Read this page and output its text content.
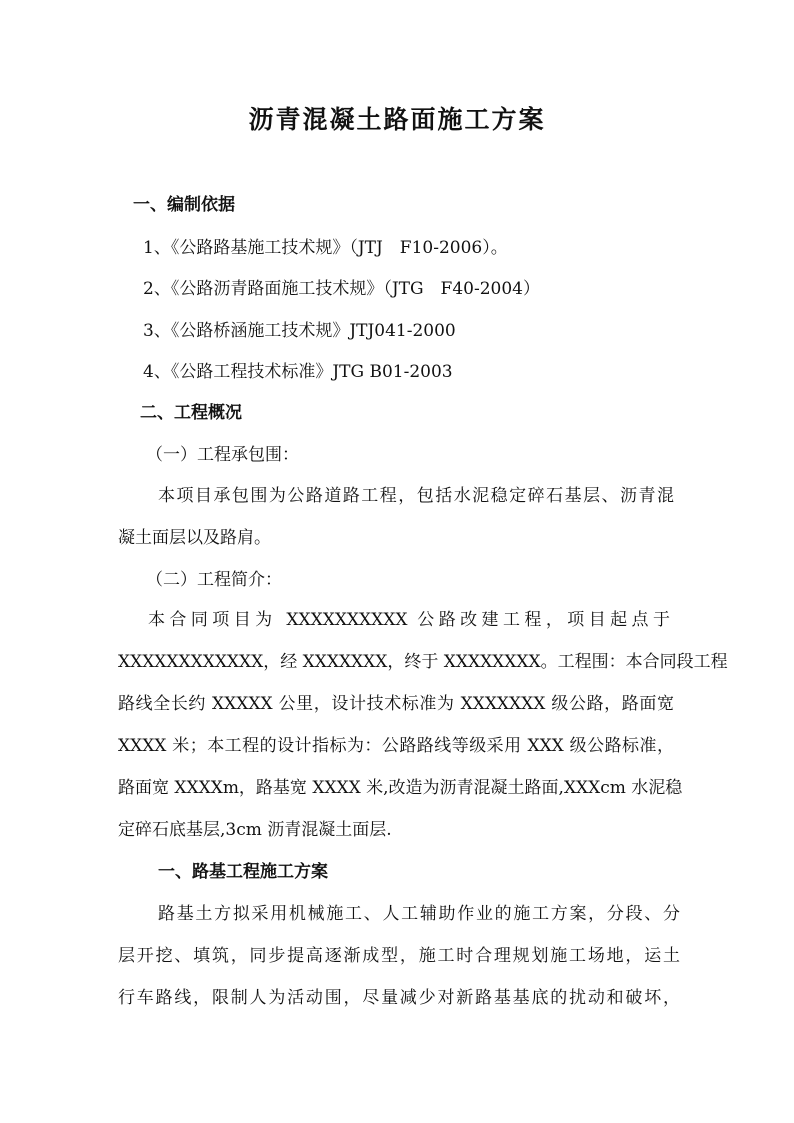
沥青混凝土路面施工方案
一、编制依据
1、《公路路基施工技术规》（JTJ　F10-2006）。
2、《公路沥青路面施工技术规》（JTG　F40-2004）
3、《公路桥涵施工技术规》JTJ041-2000
4、《公路工程技术标准》JTG B01-2003
二、工程概况
（一）工程承包围：
本项目承包围为公路道路工程，包括水泥稳定碎石基层、沥青混
凝土面层以及路肩。
（二）工程简介：
本合同项目为 XXXXXXXXXX 公路改建工程，项目起点于
XXXXXXXXXXXX，经 XXXXXXX，终于 XXXXXXXX。工程围：本合同段工程
路线全长约 XXXXX 公里，设计技术标准为 XXXXXXX 级公路，路面宽
XXXX 米；本工程的设计指标为：公路路线等级采用 XXX 级公路标准，
路面宽 XXXXm，路基宽 XXXX 米,改造为沥青混凝土路面,XXXcm 水泥稳
定碎石底基层,3cm 沥青混凝土面层.
一、路基工程施工方案
路基土方拟采用机械施工、人工辅助作业的施工方案，分段、分
层开挖、填筑，同步提高逐渐成型，施工时合理规划施工场地，运土
行车路线，限制人为活动围，尽量减少对新路基基底的扰动和破坏，
